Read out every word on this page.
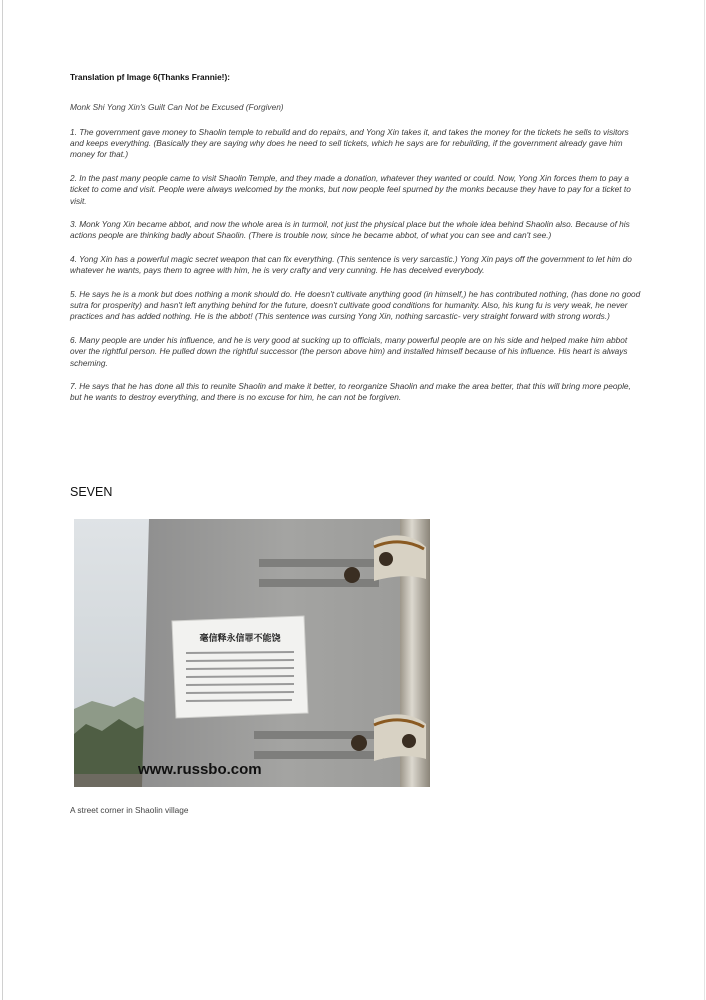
Translation pf Image 6(Thanks Frannie!):

Monk Shi Yong Xin's Guilt Can Not be Excused (Forgiven)

1. The government gave money to Shaolin temple to rebuild and do repairs, and Yong Xin takes it, and takes the money for the tickets he sells to visitors and keeps everything. (Basically they are saying why does he need to sell tickets, which he says are for rebuilding, if the government already gave him money for that.)

2. In the past many people came to visit Shaolin Temple, and they made a donation, whatever they wanted or could. Now, Yong Xin forces them to pay a ticket to come and visit. People were always welcomed by the monks, but now people feel spurned by the monks because they have to pay for a ticket to visit.

3. Monk Yong Xin became abbot, and now the whole area is in turmoil, not just the physical place but the whole idea behind Shaolin also. Because of his actions people are thinking badly about Shaolin. (There is trouble now, since he became abbot, of what you can see and can't see.)

4. Yong Xin has a powerful magic secret weapon that can fix everything. (This sentence is very sarcastic.) Yong Xin pays off the government to let him do whatever he wants, pays them to agree with him, he is very crafty and very cunning. He has deceived everybody.

5. He says he is a monk but does nothing a monk should do. He doesn't cultivate anything good (in himself,) he has contributed nothing, (has done no good sutra for prosperity) and hasn't left anything behind for the future, doesn't cultivate good conditions for humanity. Also, his kung fu is very weak, he never practices and has added nothing. He is the abbot! (This sentence was cursing Yong Xin, nothing sarcastic- very straight forward with strong words.)

6. Many people are under his influence, and he is very good at sucking up to officials, many powerful people are on his side and helped make him abbot over the rightful person. He pulled down the rightful successor (the person above him) and installed himself because of his influence. His heart is always scheming.

7. He says that he has done all this to reunite Shaolin and make it better, to reorganize Shaolin and make the area better, that this will bring more people, but he wants to destroy everything, and there is no excuse for him, he can not be forgiven.

SEVEN

毫信释永信罪不能饶
www.russbo.com

A street corner in Shaolin village
